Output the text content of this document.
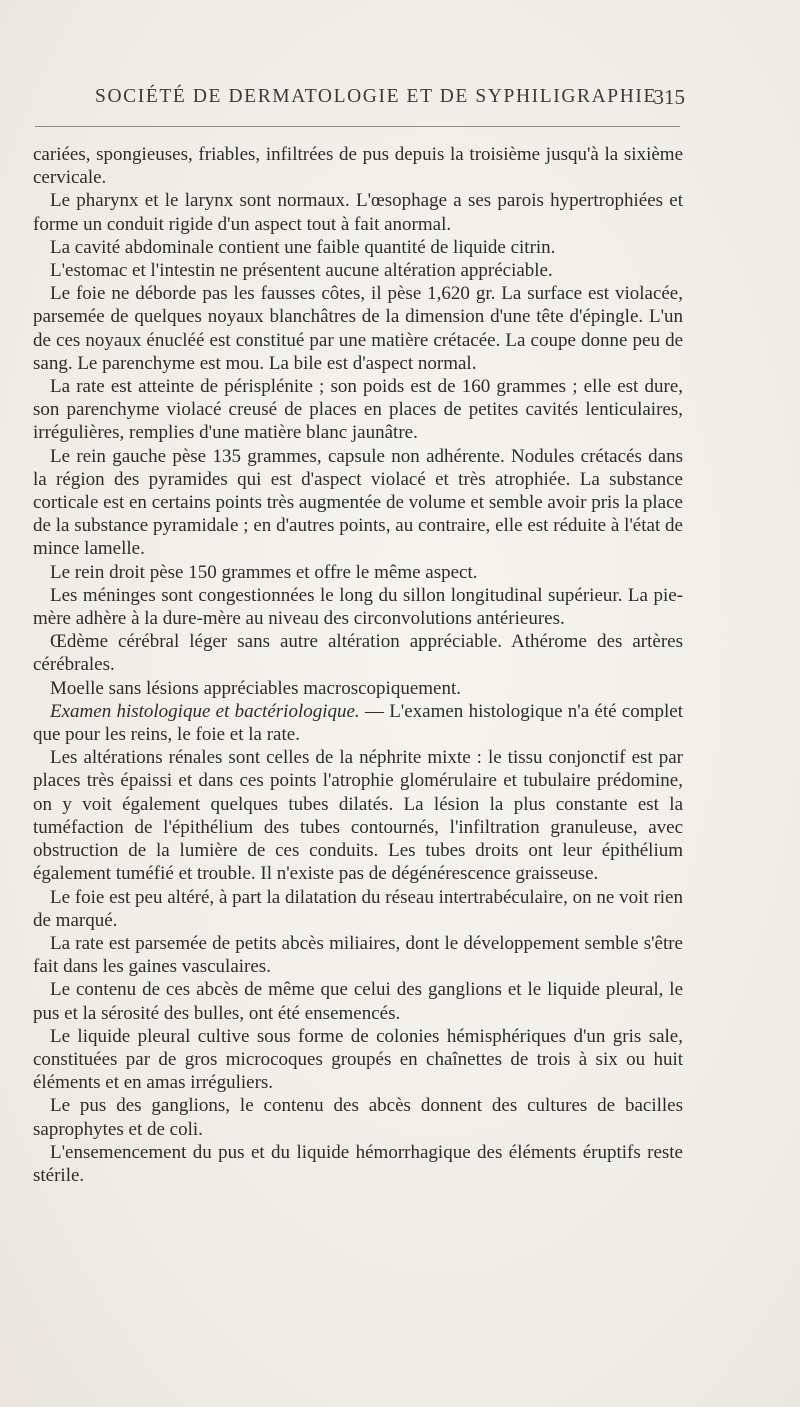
SOCIÉTÉ DE DERMATOLOGIE ET DE SYPHILIGRAPHIE
315

cariées, spongieuses, friables, infiltrées de pus depuis la troisième jusqu'à la sixième cervicale.

Le pharynx et le larynx sont normaux. L'œsophage a ses parois hypertrophiées et forme un conduit rigide d'un aspect tout à fait anormal.

La cavité abdominale contient une faible quantité de liquide citrin.

L'estomac et l'intestin ne présentent aucune altération appréciable.

Le foie ne déborde pas les fausses côtes, il pèse 1,620 gr. La surface est violacée, parsemée de quelques noyaux blanchâtres de la dimension d'une tête d'épingle. L'un de ces noyaux énucléé est constitué par une matière crétacée. La coupe donne peu de sang. Le parenchyme est mou. La bile est d'aspect normal.

La rate est atteinte de périsplénite ; son poids est de 160 grammes ; elle est dure, son parenchyme violacé creusé de places en places de petites cavités lenticulaires, irrégulières, remplies d'une matière blanc jaunâtre.

Le rein gauche pèse 135 grammes, capsule non adhérente. Nodules crétacés dans la région des pyramides qui est d'aspect violacé et très atrophiée. La substance corticale est en certains points très augmentée de volume et semble avoir pris la place de la substance pyramidale ; en d'autres points, au contraire, elle est réduite à l'état de mince lamelle.

Le rein droit pèse 150 grammes et offre le même aspect.

Les méninges sont congestionnées le long du sillon longitudinal supérieur. La pie-mère adhère à la dure-mère au niveau des circonvolutions antérieures.

Œdème cérébral léger sans autre altération appréciable. Athérome des artères cérébrales.

Moelle sans lésions appréciables macroscopiquement.

Examen histologique et bactériologique. — L'examen histologique n'a été complet que pour les reins, le foie et la rate.

Les altérations rénales sont celles de la néphrite mixte : le tissu conjonctif est par places très épaissi et dans ces points l'atrophie glomérulaire et tubulaire prédomine, on y voit également quelques tubes dilatés. La lésion la plus constante est la tuméfaction de l'épithélium des tubes contournés, l'infiltration granuleuse, avec obstruction de la lumière de ces conduits. Les tubes droits ont leur épithélium également tuméfié et trouble. Il n'existe pas de dégénérescence graisseuse.

Le foie est peu altéré, à part la dilatation du réseau intertrabéculaire, on ne voit rien de marqué.

La rate est parsemée de petits abcès miliaires, dont le développement semble s'être fait dans les gaines vasculaires.

Le contenu de ces abcès de même que celui des ganglions et le liquide pleural, le pus et la sérosité des bulles, ont été ensemencés.

Le liquide pleural cultive sous forme de colonies hémisphériques d'un gris sale, constituées par de gros microcoques groupés en chaînettes de trois à six ou huit éléments et en amas irréguliers.

Le pus des ganglions, le contenu des abcès donnent des cultures de bacilles saprophytes et de coli.

L'ensemencement du pus et du liquide hémorrhagique des éléments éruptifs reste stérile.
